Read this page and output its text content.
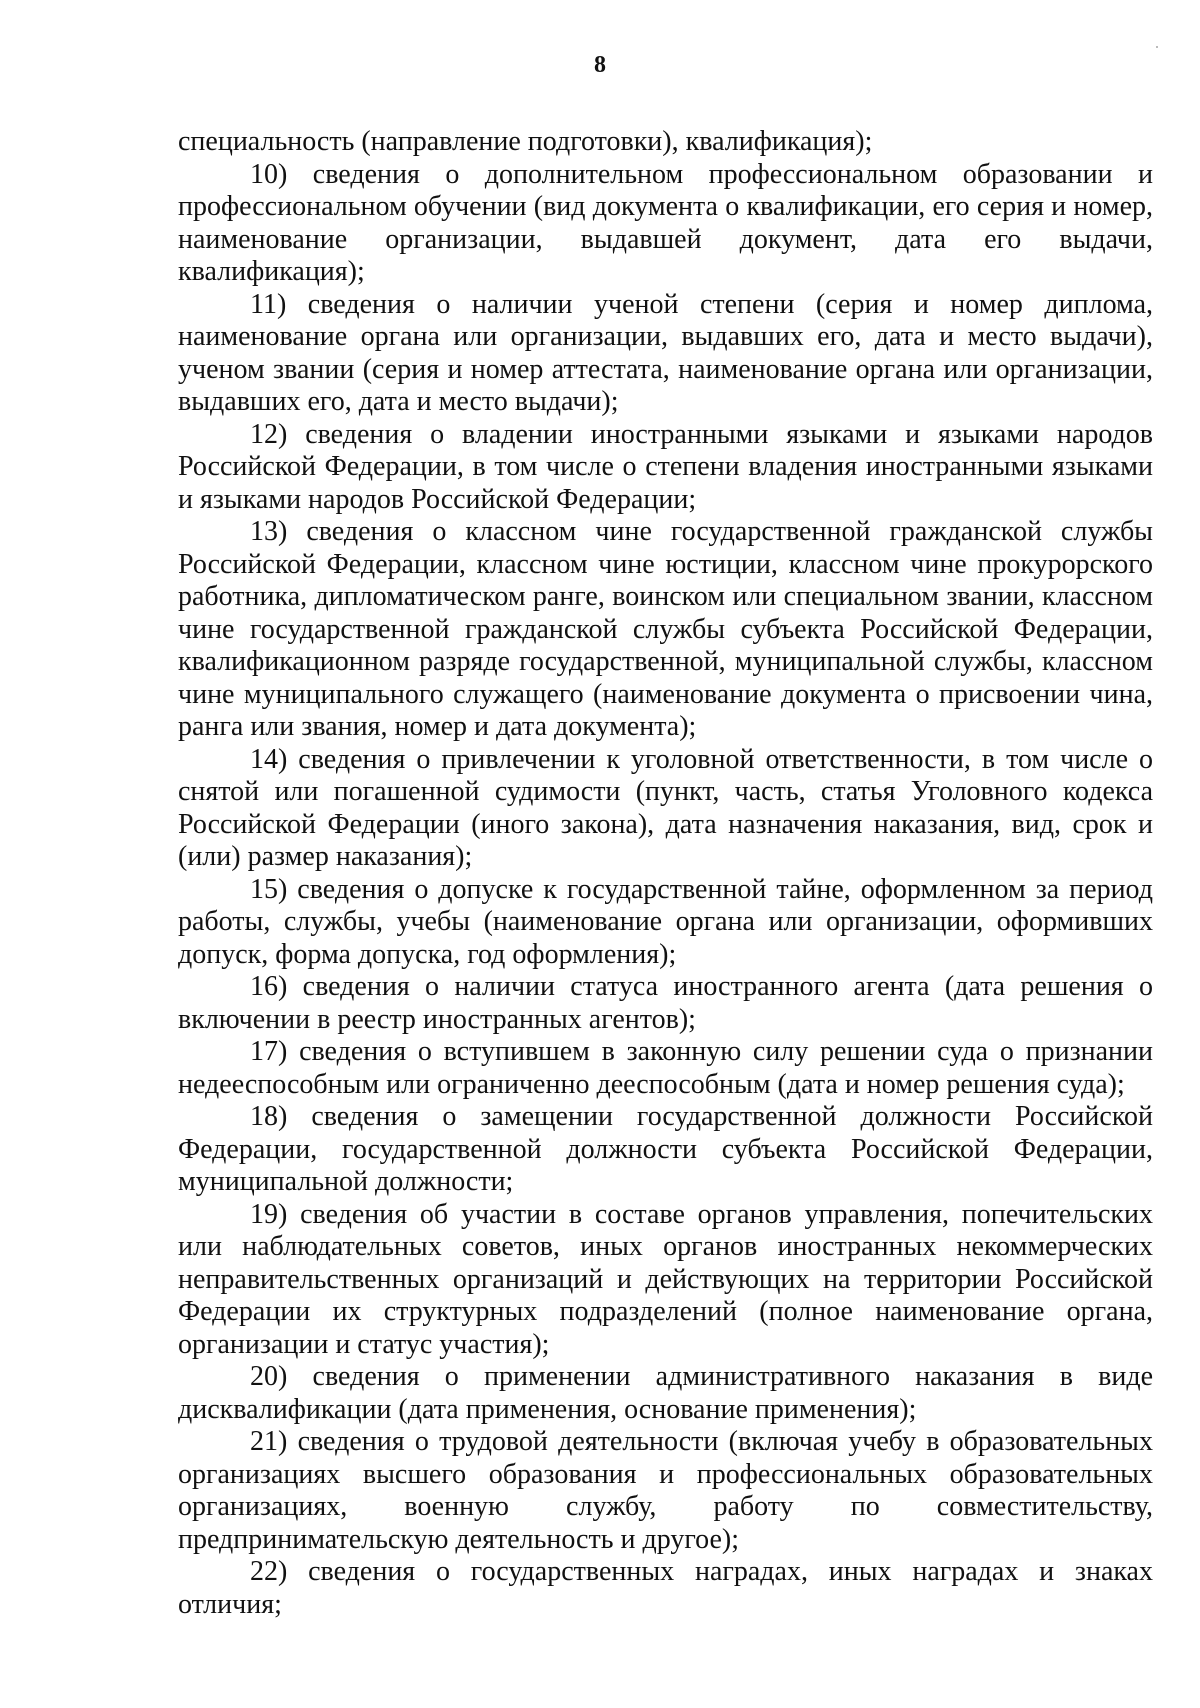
8

специальность (направление подготовки), квалификация);

10) сведения о дополнительном профессиональном образовании и профессиональном обучении (вид документа о квалификации, его серия и номер, наименование организации, выдавшей документ, дата его выдачи, квалификация);

11) сведения о наличии ученой степени (серия и номер диплома, наименование органа или организации, выдавших его, дата и место выдачи), ученом звании (серия и номер аттестата, наименование органа или организации, выдавших его, дата и место выдачи);

12) сведения о владении иностранными языками и языками народов Российской Федерации, в том числе о степени владения иностранными языками и языками народов Российской Федерации;

13) сведения о классном чине государственной гражданской службы Российской Федерации, классном чине юстиции, классном чине прокурорского работника, дипломатическом ранге, воинском или специальном звании, классном чине государственной гражданской службы субъекта Российской Федерации, квалификационном разряде государственной, муниципальной службы, классном чине муниципального служащего (наименование документа о присвоении чина, ранга или звания, номер и дата документа);

14) сведения о привлечении к уголовной ответственности, в том числе о снятой или погашенной судимости (пункт, часть, статья Уголовного кодекса Российской Федерации (иного закона), дата назначения наказания, вид, срок и (или) размер наказания);

15) сведения о допуске к государственной тайне, оформленном за период работы, службы, учебы (наименование органа или организации, оформивших допуск, форма допуска, год оформления);

16) сведения о наличии статуса иностранного агента (дата решения о включении в реестр иностранных агентов);

17) сведения о вступившем в законную силу решении суда о признании недееспособным или ограниченно дееспособным (дата и номер решения суда);

18) сведения о замещении государственной должности Российской Федерации, государственной должности субъекта Российской Федерации, муниципальной должности;

19) сведения об участии в составе органов управления, попечительских или наблюдательных советов, иных органов иностранных некоммерческих неправительственных организаций и действующих на территории Российской Федерации их структурных подразделений (полное наименование органа, организации и статус участия);

20) сведения о применении административного наказания в виде дисквалификации (дата применения, основание применения);

21) сведения о трудовой деятельности (включая учебу в образовательных организациях высшего образования и профессиональных образовательных организациях, военную службу, работу по совместительству, предпринимательскую деятельность и другое);

22) сведения о государственных наградах, иных наградах и знаках отличия;
